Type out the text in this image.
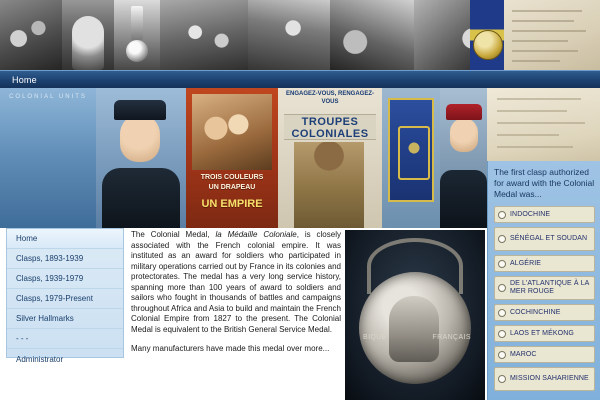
Home
COLONIAL UNITS
TROIS COULEURS
UN DRAPEAU
UN EMPIRE
ENGAGEZ-VOUS, RENGAGEZ-VOUS
TROUPES COLONIALES
Home
Clasps, 1893-1939
Clasps, 1939-1979
Clasps, 1979-Present
Silver Hallmarks
- - -
Administrator

The Colonial Medal, la Médaille Coloniale, is closely associated with the French colonial empire. It was instituted as an award for soldiers who participated in military operations carried out by France in its colonies and protectorates. The medal has a very long service history, spanning more than 100 years of award to soldiers and sailors who fought in thousands of battles and campaigns throughout Africa and Asia to build and maintain the French Colonial Empire from 1827 to the present. The Colonial Medal is equivalent to the British General Service Medal.

Many manufacturers have made this medal over more...

BIQUE	FRANÇAIS
The first clasp authorized for award with the Colonial Medal was...
INDOCHINE
SÉNÉGAL ET SOUDAN
ALGÉRIE
DE L'ATLANTIQUE À LA MER ROUGE
COCHINCHINE
LAOS ET MÉKONG
MAROC
MISSION SAHARIENNE
